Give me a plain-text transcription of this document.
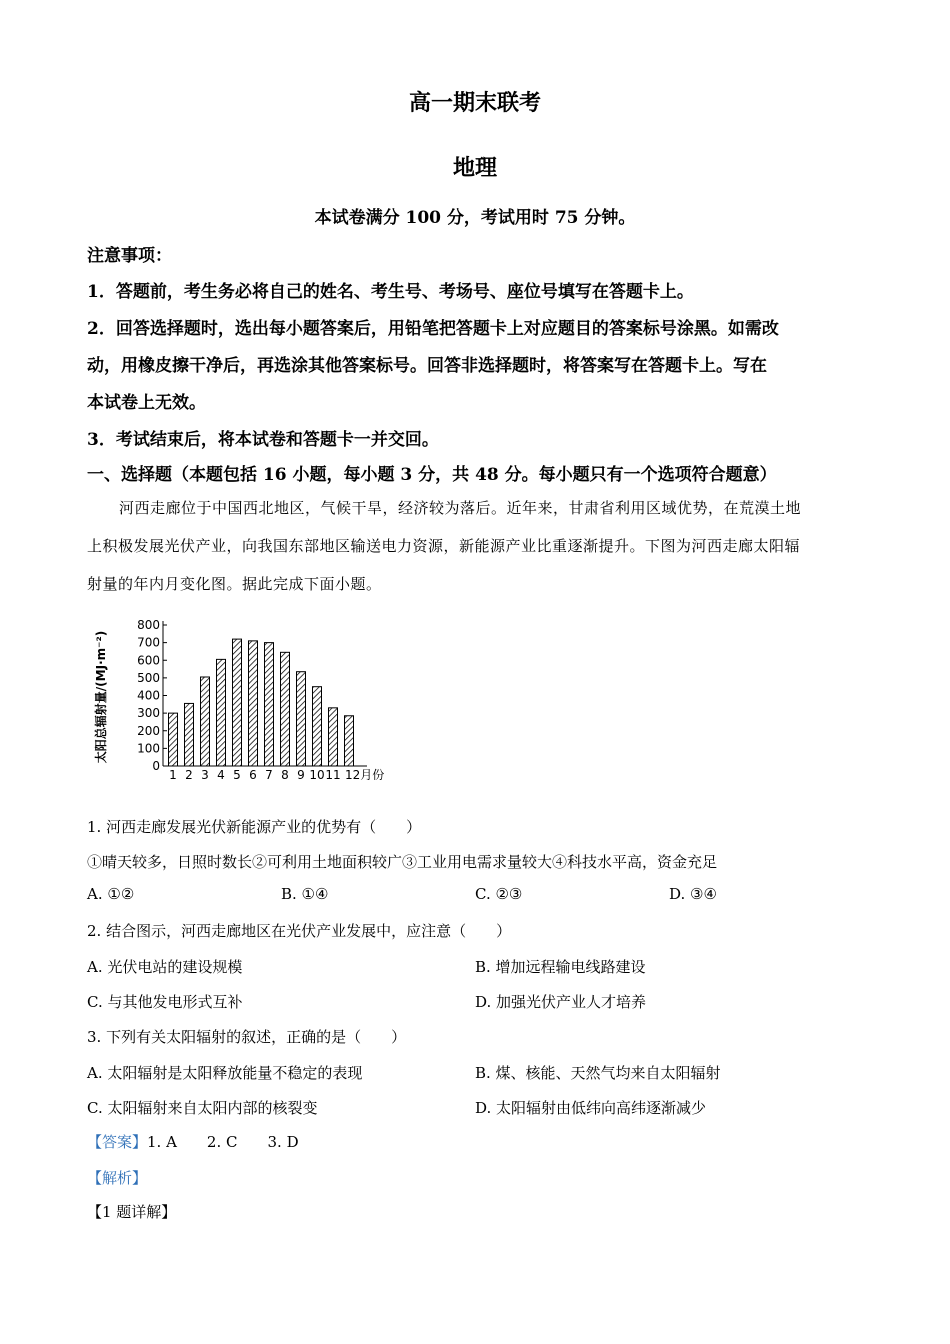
高一期末联考
地理
本试卷满分 100 分，考试用时 75 分钟。
注意事项：
1．答题前，考生务必将自己的姓名、考生号、考场号、座位号填写在答题卡上。
2．回答选择题时，选出每小题答案后，用铅笔把答题卡上对应题目的答案标号涂黑。如需改
动，用橡皮擦干净后，再选涂其他答案标号。回答非选择题时，将答案写在答题卡上。写在
本试卷上无效。
3．考试结束后，将本试卷和答题卡一并交回。
一、选择题（本题包括 16 小题，每小题 3 分，共 48 分。每小题只有一个选项符合题意）
河西走廊位于中国西北地区，气候干旱，经济较为落后。近年来，甘肃省利用区域优势，在荒漠土地
上积极发展光伏产业，向我国东部地区输送电力资源，新能源产业比重逐渐提升。下图为河西走廊太阳辐
射量的年内月变化图。据此完成下面小题。
太阳总辐射量/(MJ·m⁻²)
0
100
200
300
400
500
600
700
800
1 2 3 4 5 6 7 8 9 10 11 12月份
1. 河西走廊发展光伏新能源产业的优势有（　　）
①晴天较多，日照时数长②可利用土地面积较广③工业用电需求量较大④科技水平高，资金充足
A. ①②	B. ①④	C. ②③	D. ③④
2. 结合图示，河西走廊地区在光伏产业发展中，应注意（　　）
A. 光伏电站的建设规模	B. 增加远程输电线路建设
C. 与其他发电形式互补	D. 加强光伏产业人才培养
3. 下列有关太阳辐射的叙述，正确的是（　　）
A. 太阳辐射是太阳释放能量不稳定的表现	B. 煤、核能、天然气均来自太阳辐射
C. 太阳辐射来自太阳内部的核裂变	D. 太阳辐射由低纬向高纬逐渐减少
【答案】1. A　　2. C　　3. D
【解析】
【1 题详解】
